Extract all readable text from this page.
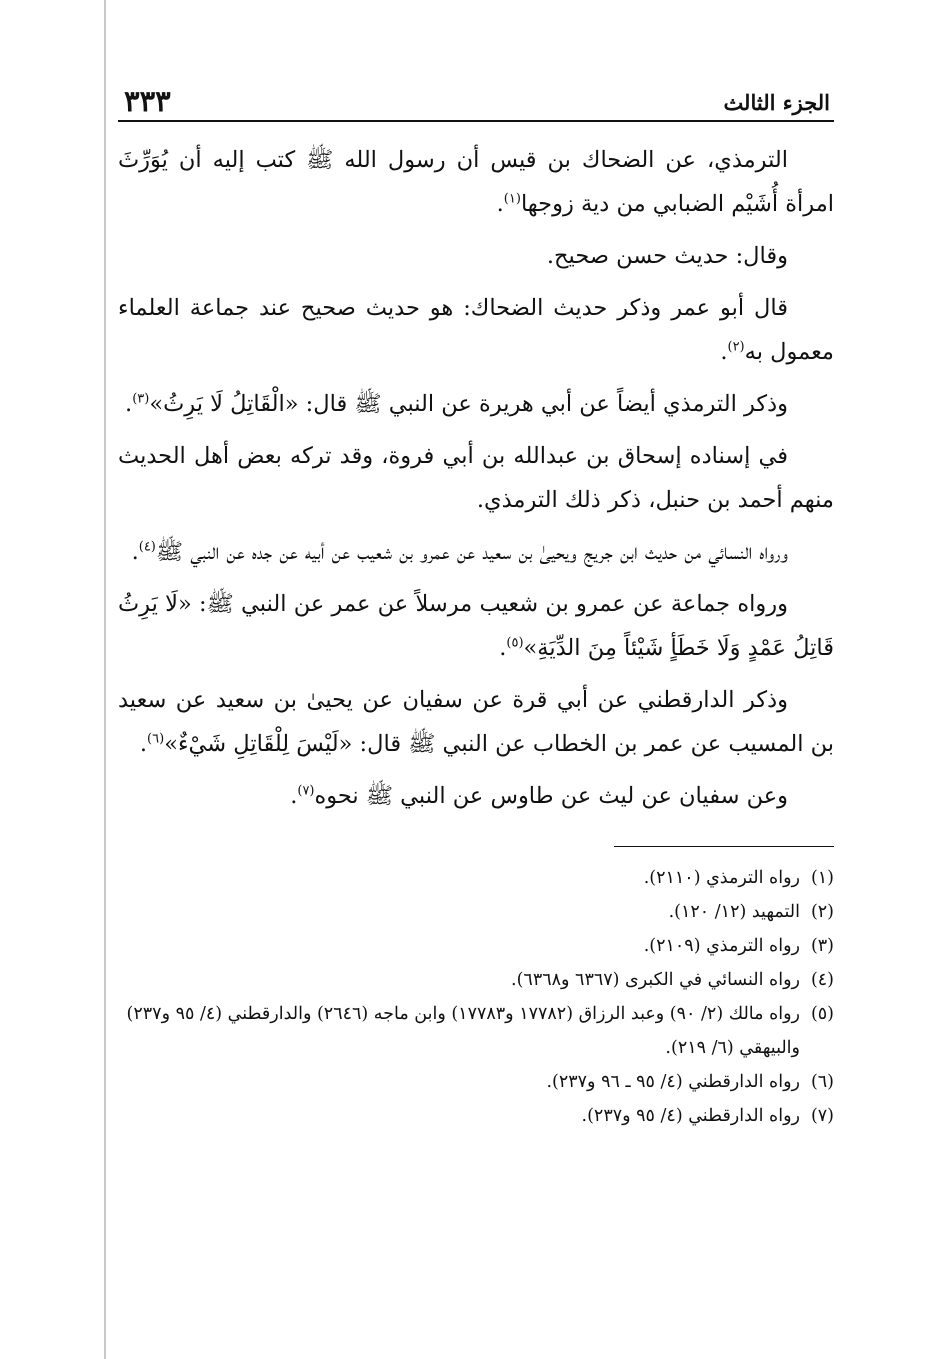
الجزء الثالث
٣٣٣

الترمذي، عن الضحاك بن قيس أن رسول الله ﷺ كتب إليه أن يُوَرِّثَ امرأة أُشَيْم الضبابي من دية زوجها$^{(١)}$.

وقال: حديث حسن صحيح.

قال أبو عمر وذكر حديث الضحاك: هو حديث صحيح عند جماعة العلماء معمول به$^{(٢)}$.

وذكر الترمذي أيضاً عن أبي هريرة عن النبي ﷺ قال: «الْقَاتِلُ لَا يَرِثُ»$^{(٣)}$.

في إسناده إسحاق بن عبدالله بن أبي فروة، وقد تركه بعض أهل الحديث منهم أحمد بن حنبل، ذكر ذلك الترمذي.

ورواه النسائي من حديث ابن جريج ويحيىٰ بن سعيد عن عمرو بن شعيب عن أبيه عن جده عن النبي ﷺ$^{(٤)}$.

ورواه جماعة عن عمرو بن شعيب مرسلاً عن عمر عن النبي ﷺ: «لَا يَرِثُ قَاتِلُ عَمْدٍ وَلَا خَطَأٍ شَيْئاً مِنَ الدِّيَةِ»$^{(٥)}$.

وذكر الدارقطني عن أبي قرة عن سفيان عن يحيىٰ بن سعيد عن سعيد بن المسيب عن عمر بن الخطاب عن النبي ﷺ قال: «لَيْسَ لِلْقَاتِلِ شَيْءٌ»$^{(٦)}$.

وعن سفيان عن ليث عن طاوس عن النبي ﷺ نحوه$^{(٧)}$.

(١)
رواه الترمذي (٢١١٠).
(٢)
التمهيد (١٢/ ١٢٠).
(٣)
رواه الترمذي (٢١٠٩).
(٤)
رواه النسائي في الكبرى (٦٣٦٧ و٦٣٦٨).
(٥)
رواه مالك (٢/ ٩٠) وعبد الرزاق (١٧٧٨٢ و١٧٧٨٣) وابن ماجه (٢٦٤٦) والدارقطني (٤/ ٩٥ و٢٣٧) والبيهقي (٦/ ٢١٩).
(٦)
رواه الدارقطني (٤/ ٩٥ ـ ٩٦ و٢٣٧).
(٧)
رواه الدارقطني (٤/ ٩٥ و٢٣٧).
